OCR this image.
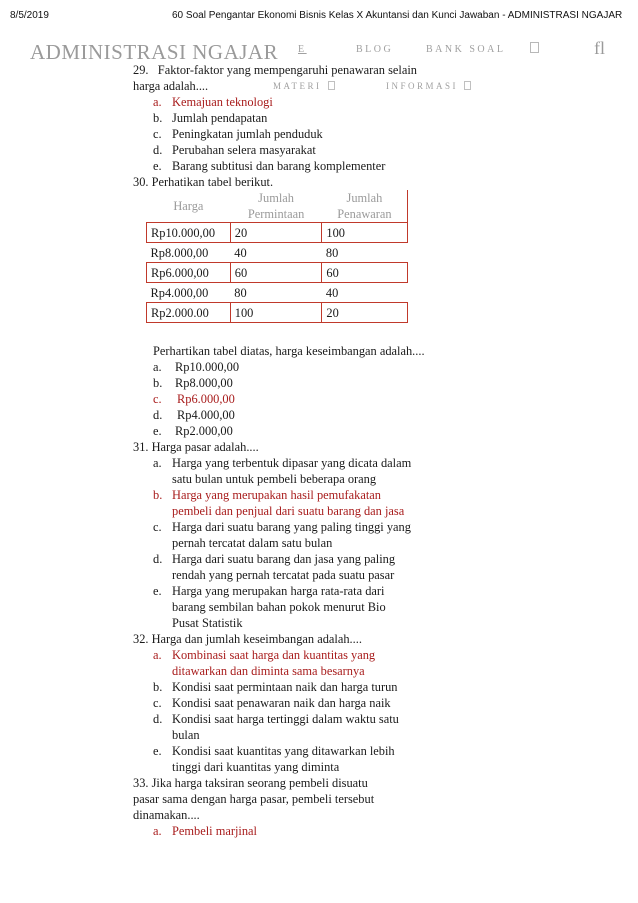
8/5/2019	60 Soal Pengantar Ekonomi Bisnis Kelas X Akuntansi dan Kunci Jawaban - ADMINISTRASI NGAJAR
ADMINISTRASI NGAJAR E	BLOG	BANK SOAL	fl
MATERI	INFORMASI
29. Faktor-faktor yang mempengaruhi penawaran selain harga adalah....
a. Kemajuan teknologi
b. Jumlah pendapatan
c. Peningkatan jumlah penduduk
d. Perubahan selera masyarakat
e. Barang subtitusi dan barang komplementer
30. Perhatikan tabel berikut.
Harga	Jumlah Permintaan	Jumlah Penawaran
Rp10.000,00	20	100
Rp8.000,00	40	80
Rp6.000,00	60	60
Rp4.000,00	80	40
Rp2.000.00	100	20
Perhartikan tabel diatas, harga keseimbangan adalah....
a. Rp10.000,00
b. Rp8.000,00
c. Rp6.000,00
d. Rp4.000,00
e. Rp2.000,00
31. Harga pasar adalah....
a. Harga yang terbentuk dipasar yang dicata dalam satu bulan untuk pembeli beberapa orang
b. Harga yang merupakan hasil pemufakatan pembeli dan penjual dari suatu barang dan jasa
c. Harga dari suatu barang yang paling tinggi yang pernah tercatat dalam satu bulan
d. Harga dari suatu barang dan jasa yang paling rendah yang pernah tercatat pada suatu pasar
e. Harga yang merupakan harga rata-rata dari barang sembilan bahan pokok menurut Bio Pusat Statistik
32. Harga dan jumlah keseimbangan adalah....
a. Kombinasi saat harga dan kuantitas yang ditawarkan dan diminta sama besarnya
b. Kondisi saat permintaan naik dan harga turun
c. Kondisi saat penawaran naik dan harga naik
d. Kondisi saat harga tertinggi dalam waktu satu bulan
e. Kondisi saat kuantitas yang ditawarkan lebih tinggi dari kuantitas yang diminta
33. Jika harga taksiran seorang pembeli disuatu pasar sama dengan harga pasar, pembeli tersebut dinamakan....
a. Pembeli marjinal
